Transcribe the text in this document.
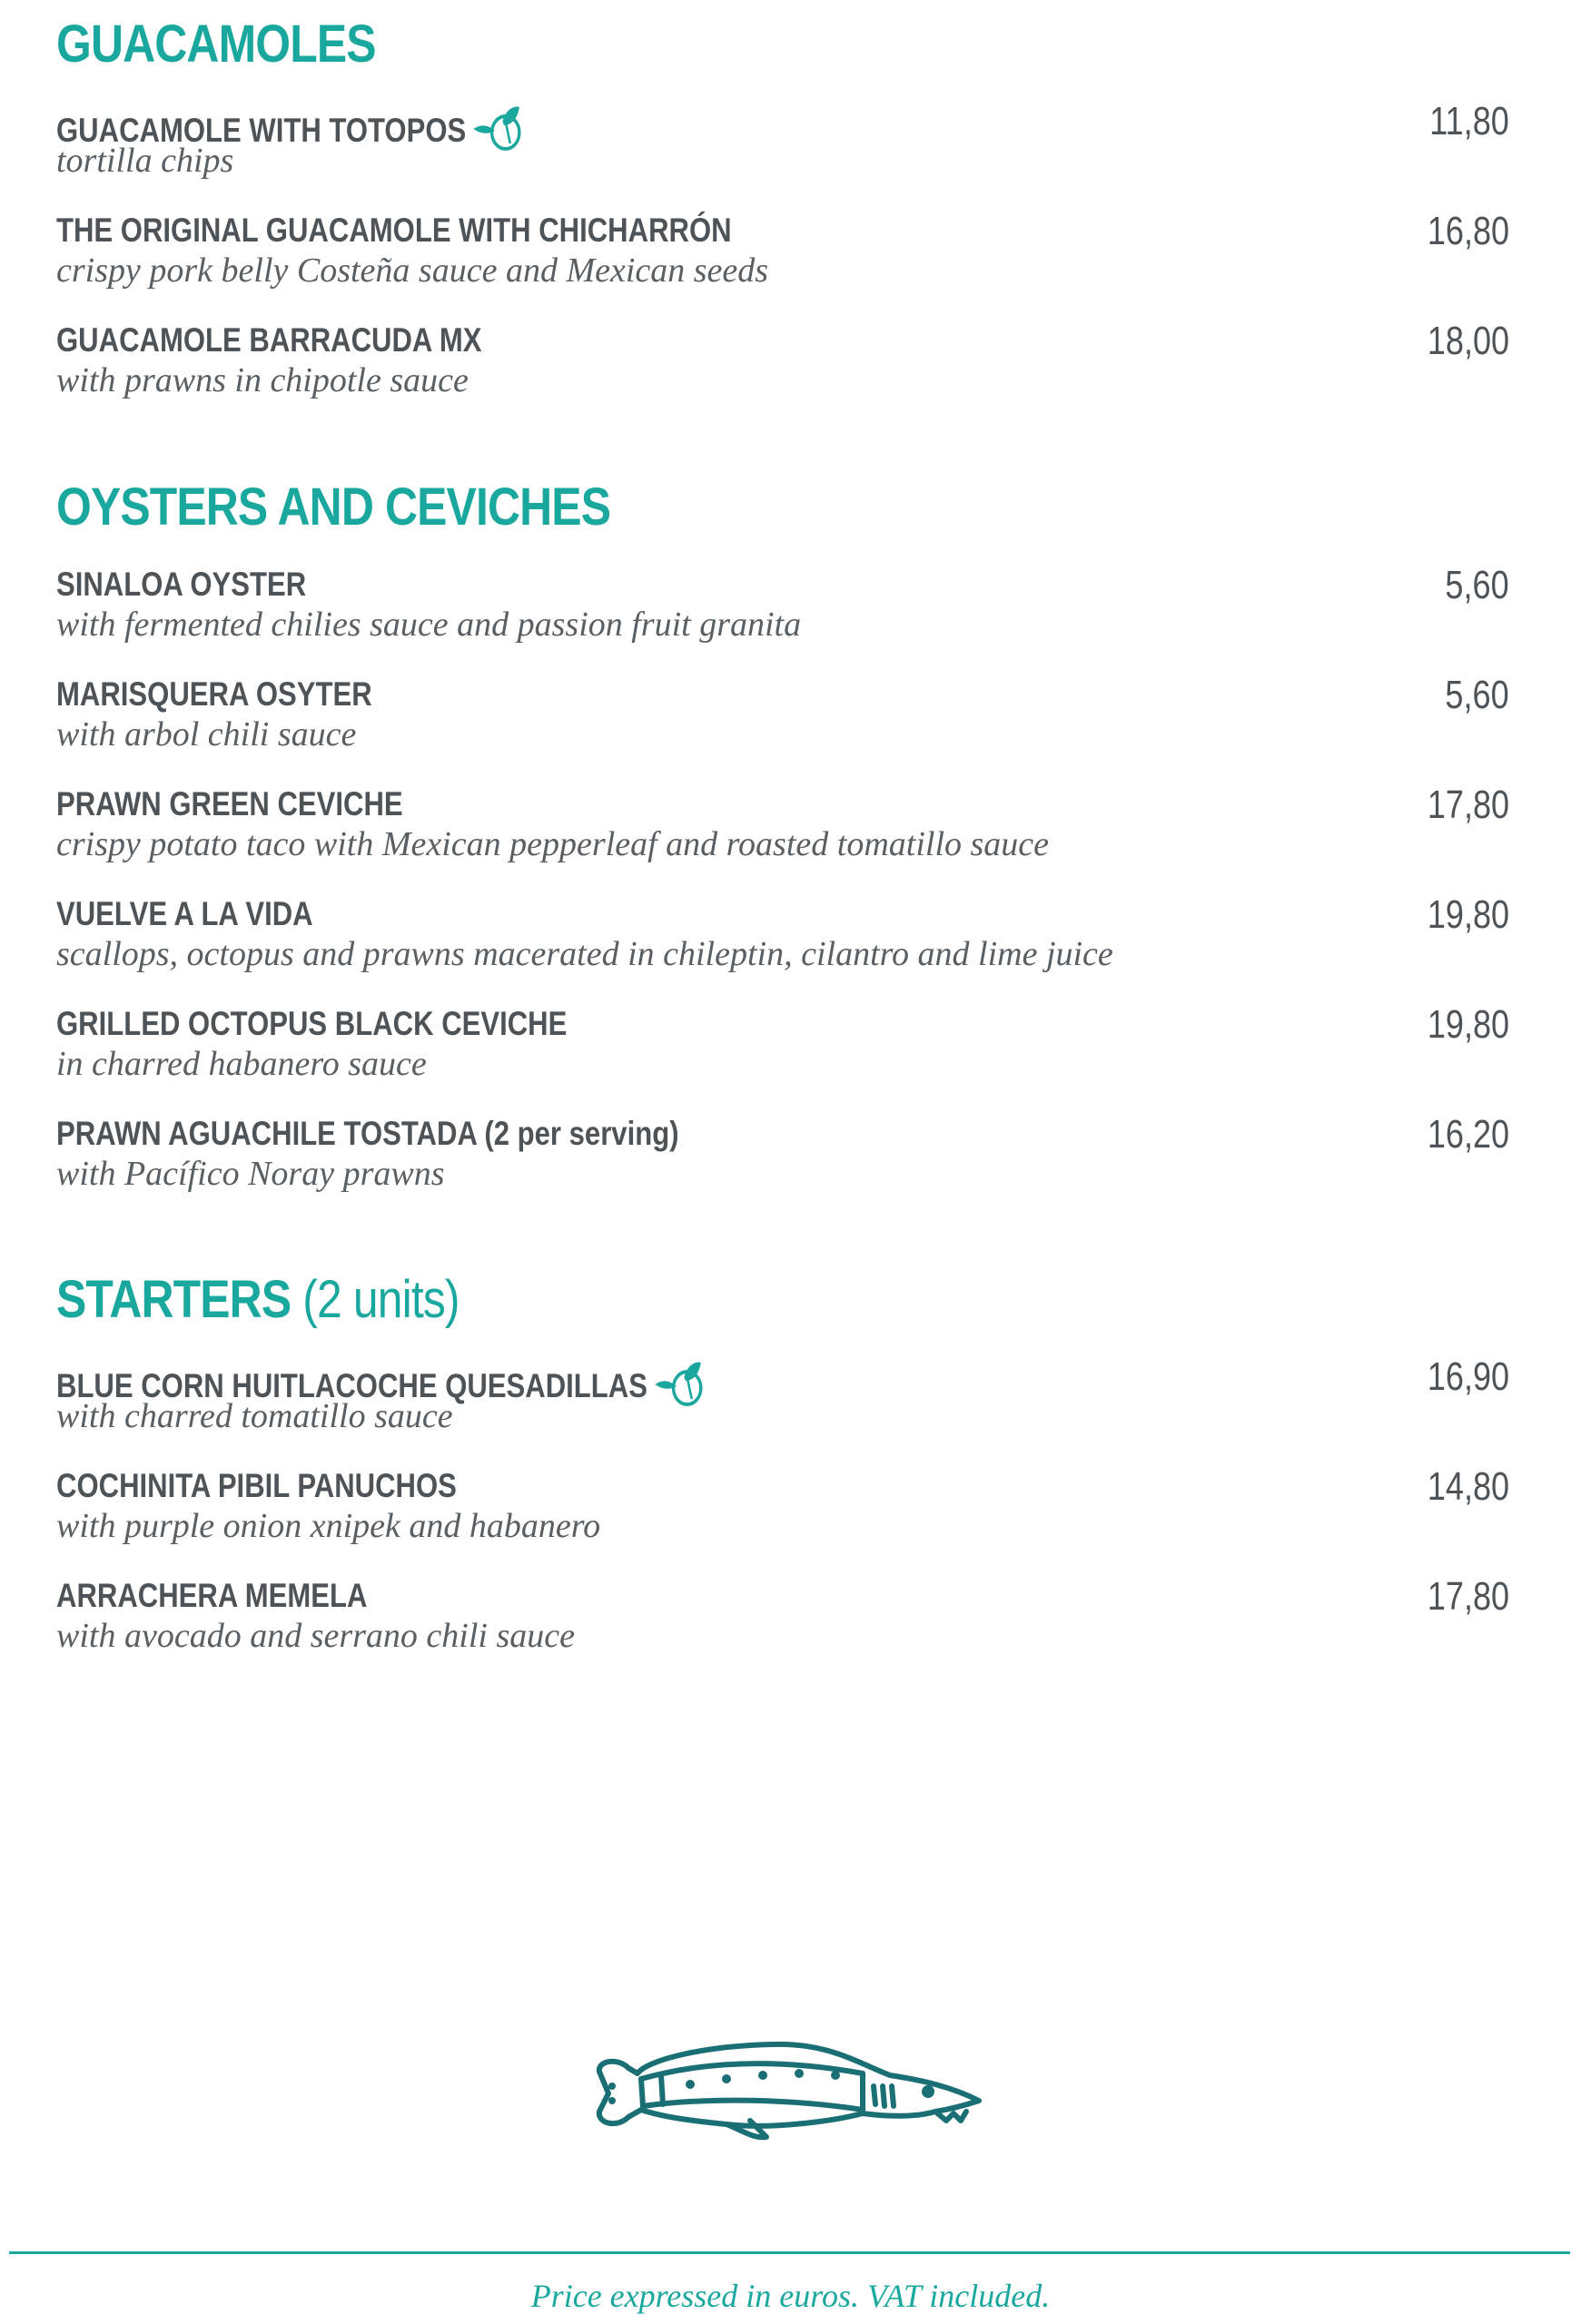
GUACAMOLES
GUACAMOLE WITH TOTOPOS
tortilla chips
11,80
THE ORIGINAL GUACAMOLE WITH CHICHARRÓN
crispy pork belly Costeña sauce and Mexican seeds
16,80
GUACAMOLE BARRACUDA MX
with prawns in chipotle sauce
18,00
OYSTERS AND CEVICHES
SINALOA OYSTER
with fermented chilies sauce and passion fruit granita
5,60
MARISQUERA OSYTER
with arbol chili sauce
5,60
PRAWN GREEN CEVICHE
crispy potato taco with Mexican pepperleaf and roasted tomatillo sauce
17,80
VUELVE A LA VIDA
scallops, octopus and prawns macerated in chileptin, cilantro and lime juice
19,80
GRILLED OCTOPUS BLACK CEVICHE
in charred habanero sauce
19,80
PRAWN AGUACHILE TOSTADA (2 per serving)
with Pacífico Noray prawns
16,20
STARTERS (2 units)
BLUE CORN HUITLACOCHE QUESADILLAS
with charred tomatillo sauce
16,90
COCHINITA PIBIL PANUCHOS
with purple onion xnipek and habanero
14,80
ARRACHERA MEMELA
with avocado and serrano chili sauce
17,80
Price expressed in euros. VAT included.
